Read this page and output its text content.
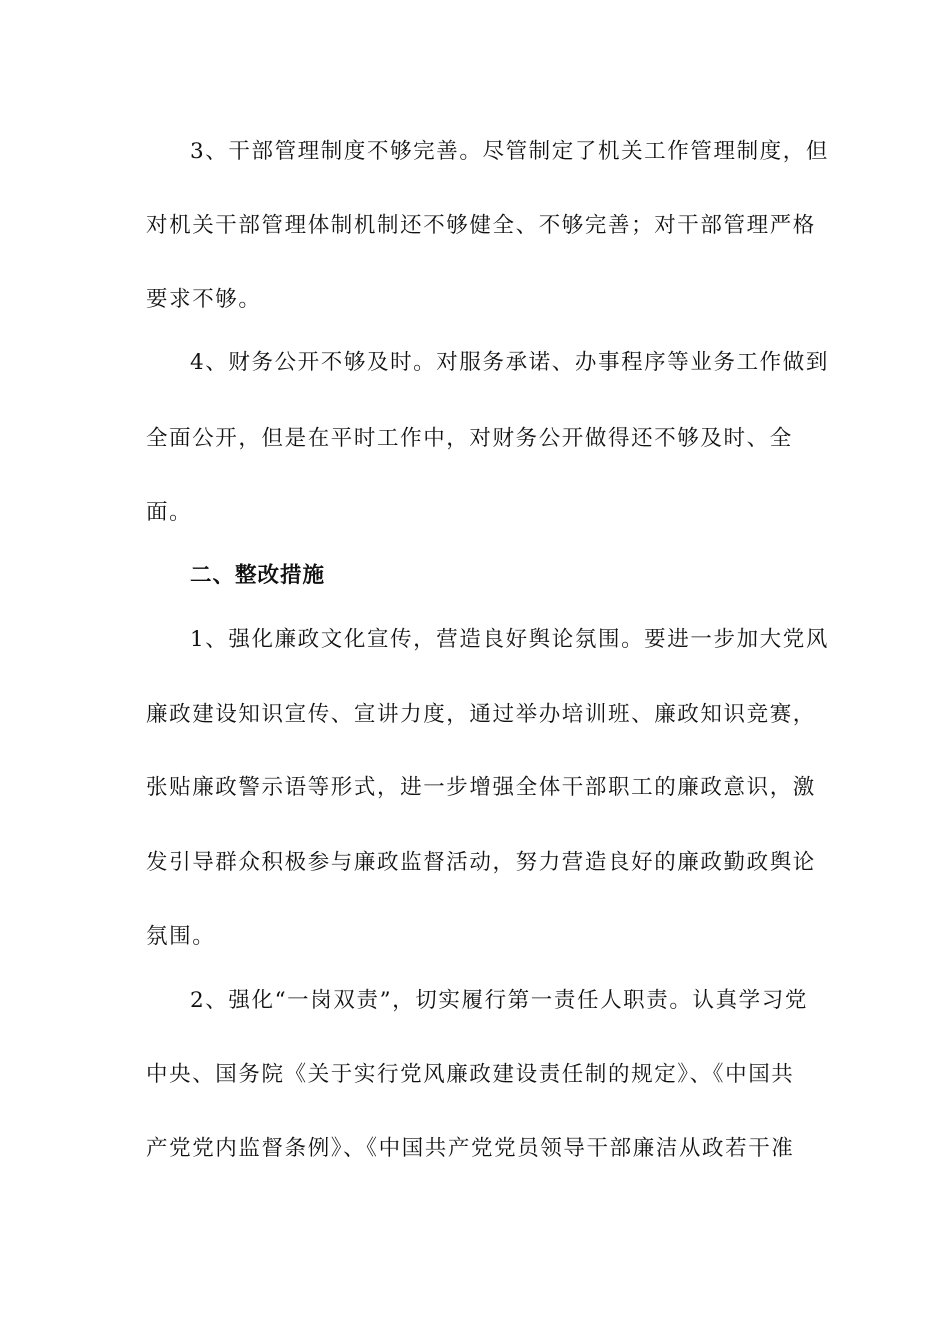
3、干部管理制度不够完善。尽管制定了机关工作管理制度，但
对机关干部管理体制机制还不够健全、不够完善；对干部管理严格
要求不够。
4、财务公开不够及时。对服务承诺、办事程序等业务工作做到
全面公开，但是在平时工作中，对财务公开做得还不够及时、全
面。
二、整改措施
1、强化廉政文化宣传，营造良好舆论氛围。要进一步加大党风
廉政建设知识宣传、宣讲力度，通过举办培训班、廉政知识竞赛，
张贴廉政警示语等形式，进一步增强全体干部职工的廉政意识，激
发引导群众积极参与廉政监督活动，努力营造良好的廉政勤政舆论
氛围。
2、强化“一岗双责”，切实履行第一责任人职责。认真学习党
中央、国务院《关于实行党风廉政建设责任制的规定》、《中国共
产党党内监督条例》、《中国共产党党员领导干部廉洁从政若干准
